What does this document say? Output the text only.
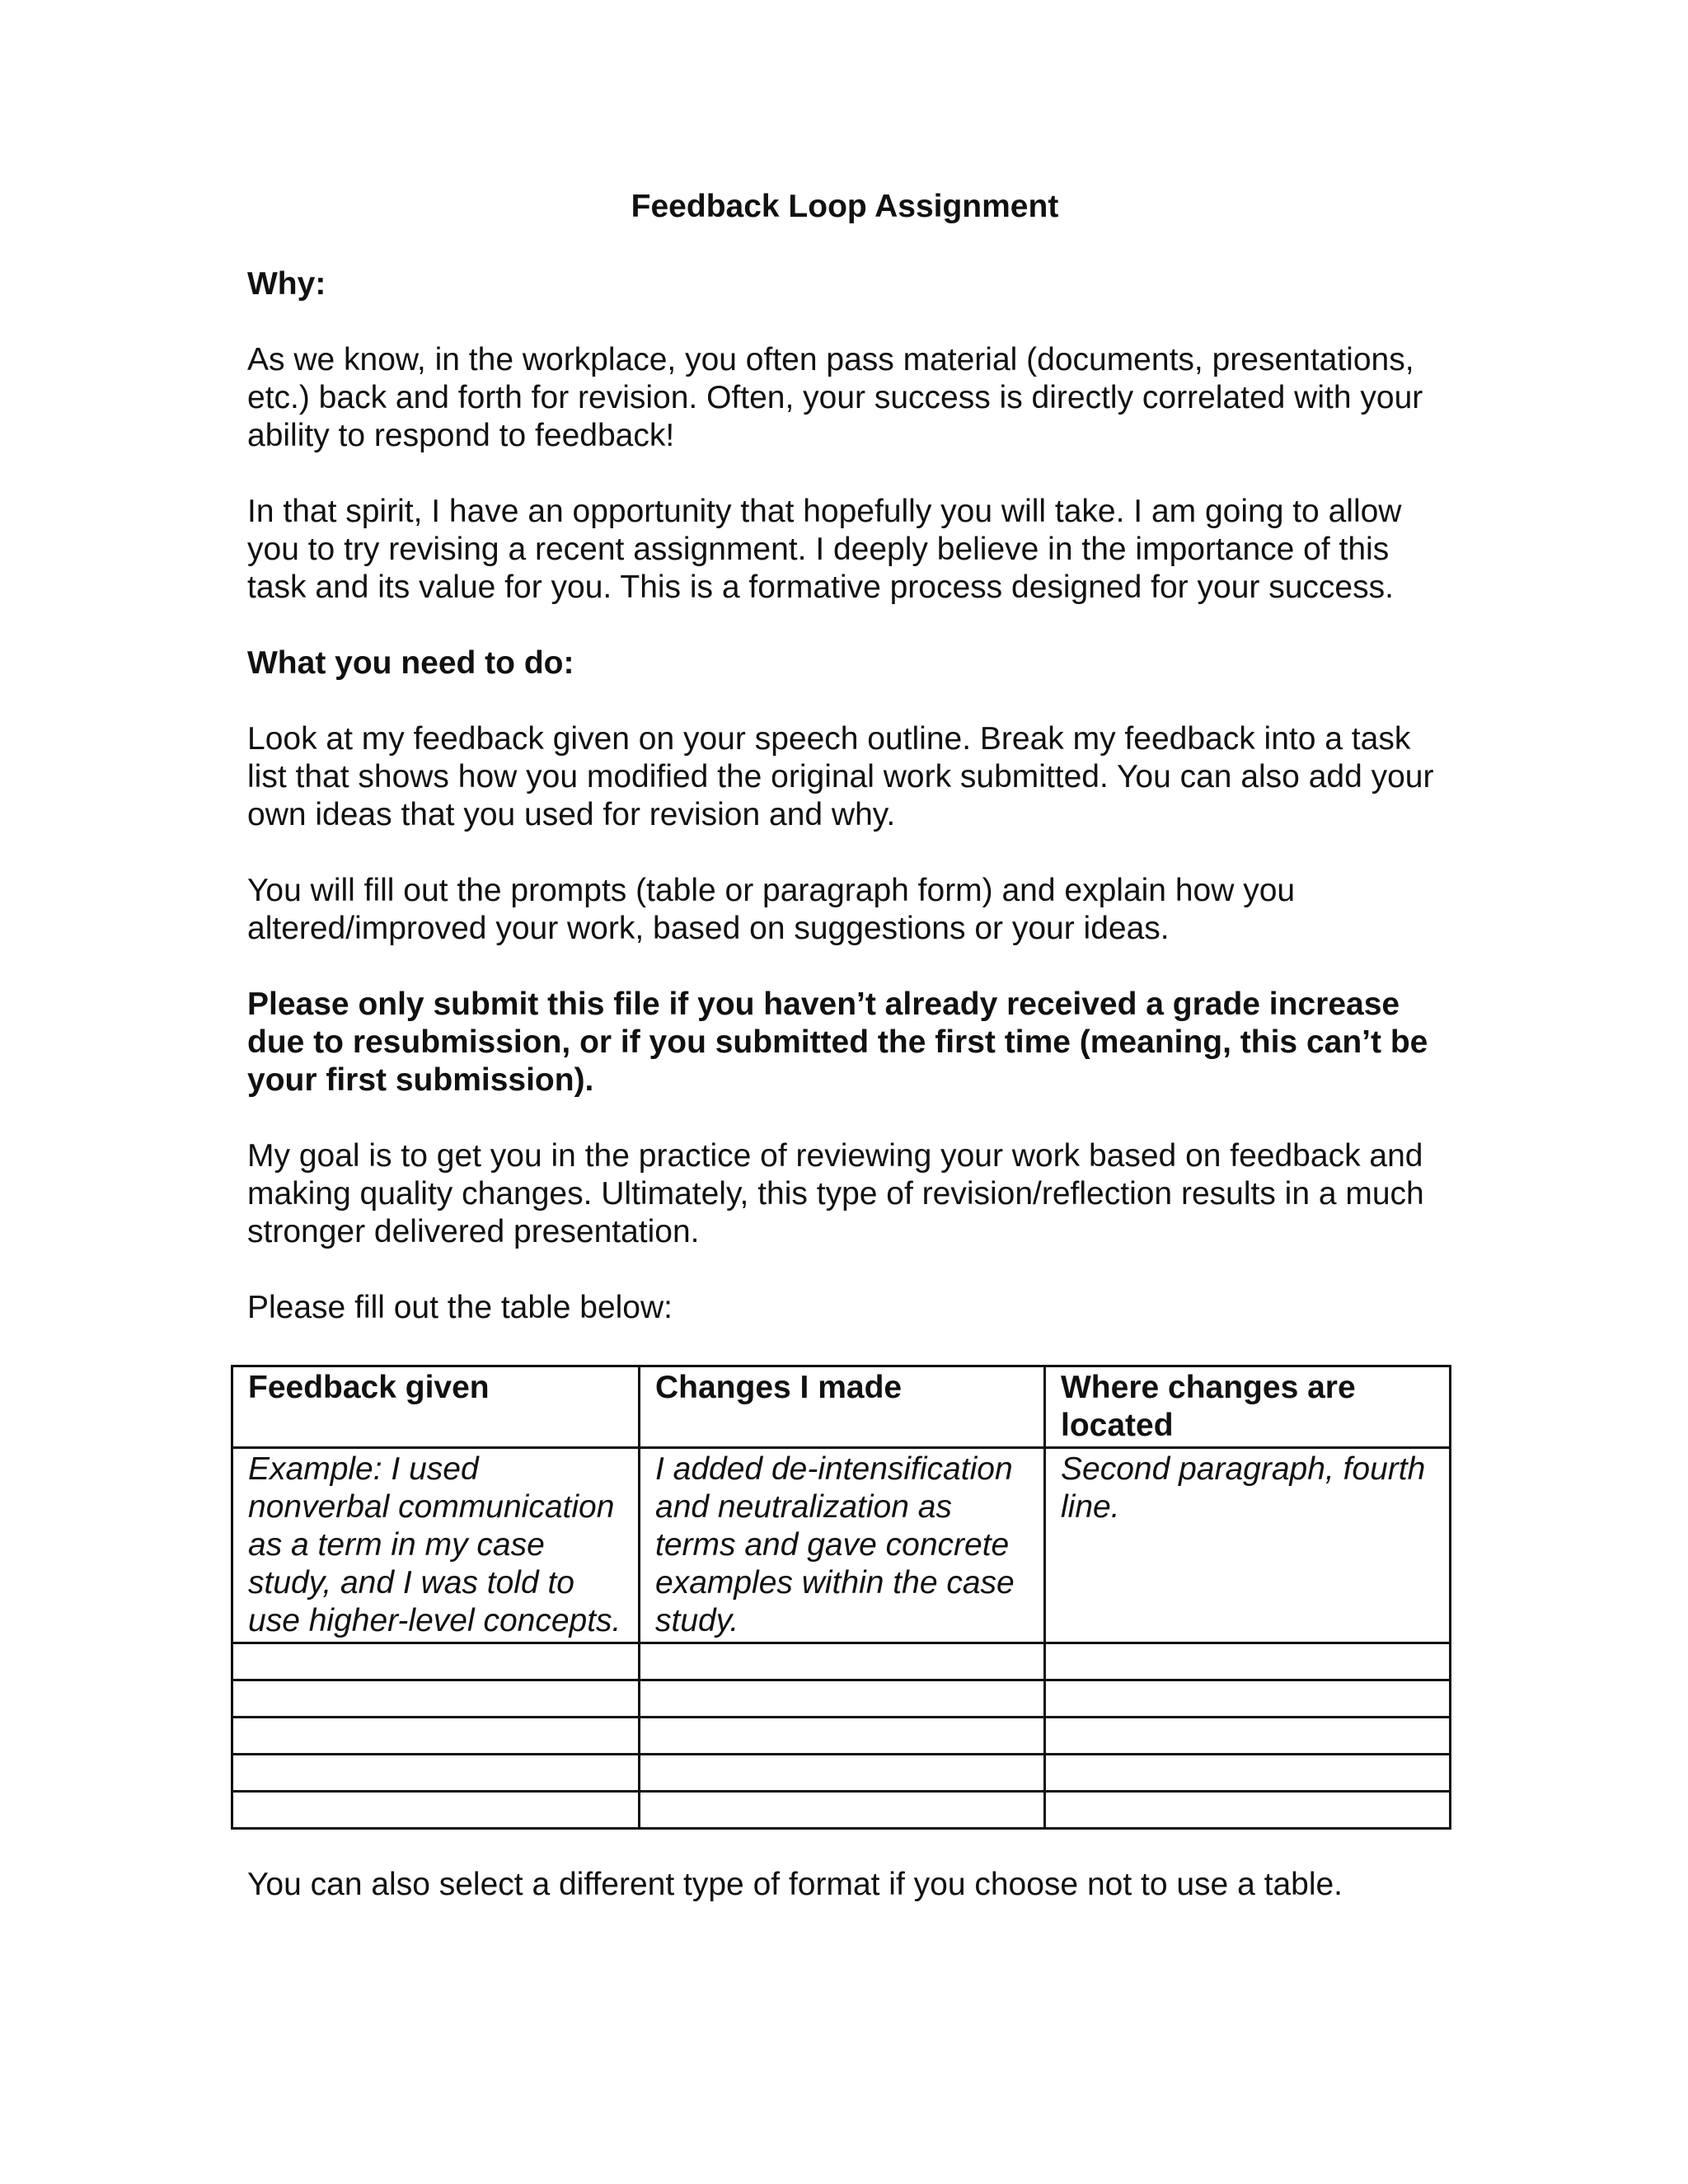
Feedback Loop Assignment
Why:

As we know, in the workplace, you often pass material (documents, presentations, etc.) back and forth for revision. Often, your success is directly correlated with your ability to respond to feedback!

In that spirit, I have an opportunity that hopefully you will take. I am going to allow you to try revising a recent assignment. I deeply believe in the importance of this task and its value for you. This is a formative process designed for your success.

What you need to do:

Look at my feedback given on your speech outline. Break my feedback into a task list that shows how you modified the original work submitted. You can also add your own ideas that you used for revision and why.

You will fill out the prompts (table or paragraph form) and explain how you altered/improved your work, based on suggestions or your ideas.

Please only submit this file if you haven’t already received a grade increase due to resubmission, or if you submitted the first time (meaning, this can’t be your first submission).

My goal is to get you in the practice of reviewing your work based on feedback and making quality changes. Ultimately, this type of revision/reflection results in a much stronger delivered presentation.

Please fill out the table below:

Feedback given	Changes I made	Where changes are located
Example: I used nonverbal communication as a term in my case study, and I was told to use higher-level concepts.	I added de-intensification and neutralization as terms and gave concrete examples within the case study.	Second paragraph, fourth line.

You can also select a different type of format if you choose not to use a table.
